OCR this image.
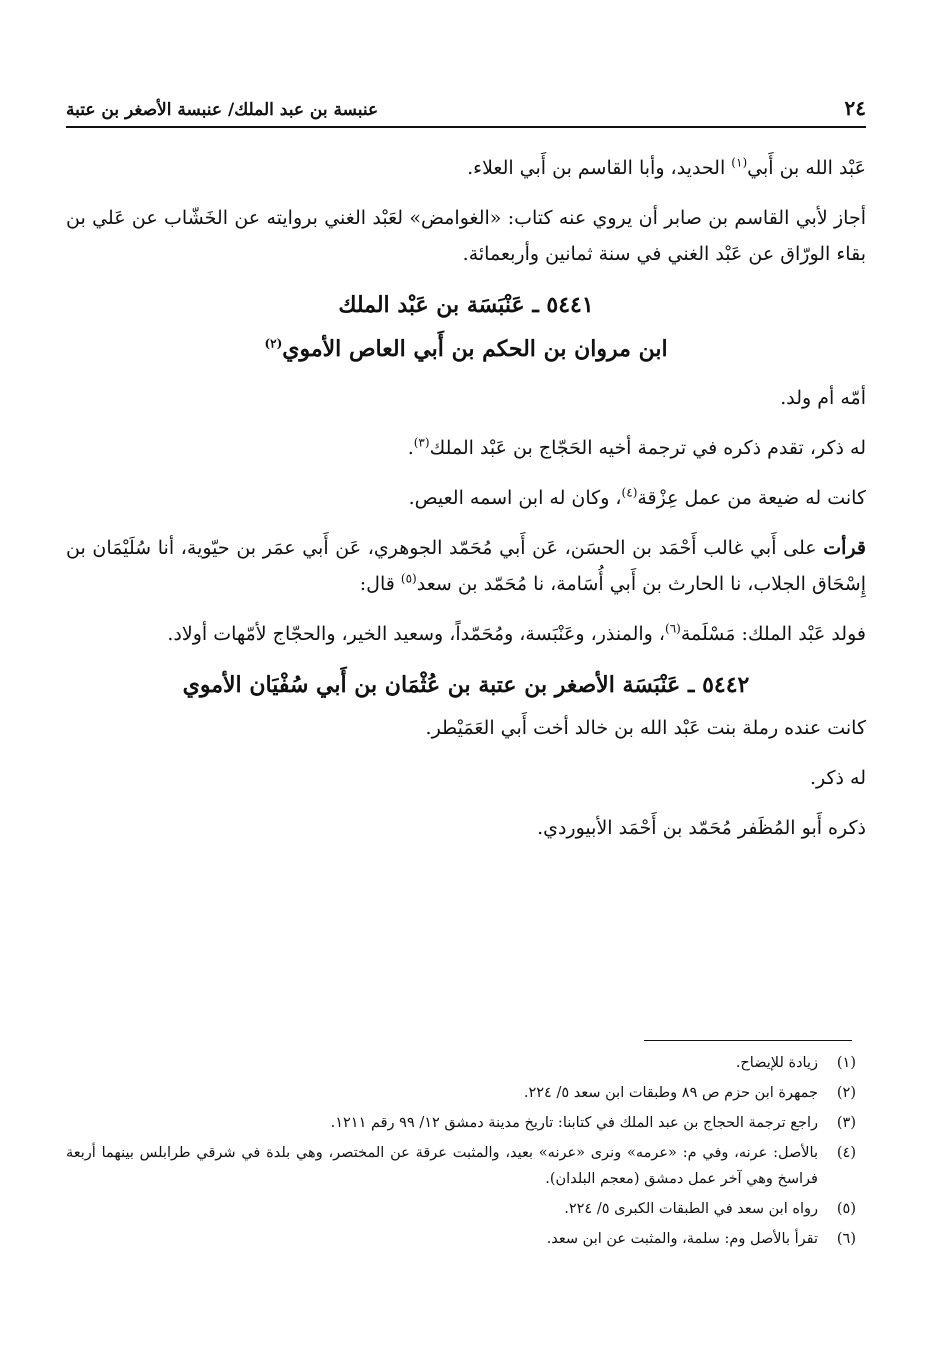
٢٤
عنبسة بن عبد الملك/ عنبسة الأصغر بن عتبة

عَبْد الله بن أَبي$^{(١)}$ الحديد، وأبا القاسم بن أَبي العلاء.

أجاز لأبي القاسم بن صابر أن يروي عنه كتاب: «الغوامض» لعَبْد الغني بروايته عن الخَشّاب عن عَلي بن بقاء الورّاق عن عَبْد الغني في سنة ثمانين وأربعمائة.

٥٤٤١ ـ عَنْبَسَة بن عَبْد الملك
ابن مروان بن الحكم بن أَبي العاص الأموي$^{(٢)}$

أمّه أم ولد.

له ذكر، تقدم ذكره في ترجمة أخيه الحَجّاج بن عَبْد الملك$^{(٣)}$.

كانت له ضيعة من عمل عِزْقة$^{(٤)}$، وكان له ابن اسمه العيص.

قرأت على أَبي غالب أَحْمَد بن الحسَن، عَن أَبي مُحَمّد الجوهري، عَن أَبي عمَر بن حيّوية، أنا سُلَيْمَان بن إِسْحَاق الجلاب، نا الحارث بن أَبي أُسَامة، نا مُحَمّد بن سعد$^{(٥)}$ قال:

فولد عَبْد الملك: مَسْلَمة$^{(٦)}$، والمنذر، وعَنْبَسة، ومُحَمّداً، وسعيد الخير، والحجّاج لأمّهات أولاد.

٥٤٤٢ ـ عَنْبَسَة الأصغر بن عتبة بن عُثْمَان بن أَبي سُفْيَان الأموي

كانت عنده رملة بنت عَبْد الله بن خالد أخت أَبي العَمَيْطر.

له ذكر.

ذكره أَبو المُظَفر مُحَمّد بن أَحْمَد الأبيوردي.

(١)
زيادة للإيضاح.
(٢)
جمهرة ابن حزم ص ٨٩ وطبقات ابن سعد ٥/ ٢٢٤.
(٣)
راجع ترجمة الحجاج بن عبد الملك في كتابنا: تاريخ مدينة دمشق ١٢/ ٩٩ رقم ١٢١١.
(٤)
بالأصل: عرنه، وفي م: «عرمه» ونرى «عرنه» بعيد، والمثبت عرقة عن المختصر، وهي بلدة في شرقي طرابلس بينهما أربعة فراسخ وهي آخر عمل دمشق (معجم البلدان).
(٥)
رواه ابن سعد في الطبقات الكبرى ٥/ ٢٢٤.
(٦)
تقرأ بالأصل وم: سلمة، والمثبت عن ابن سعد.
